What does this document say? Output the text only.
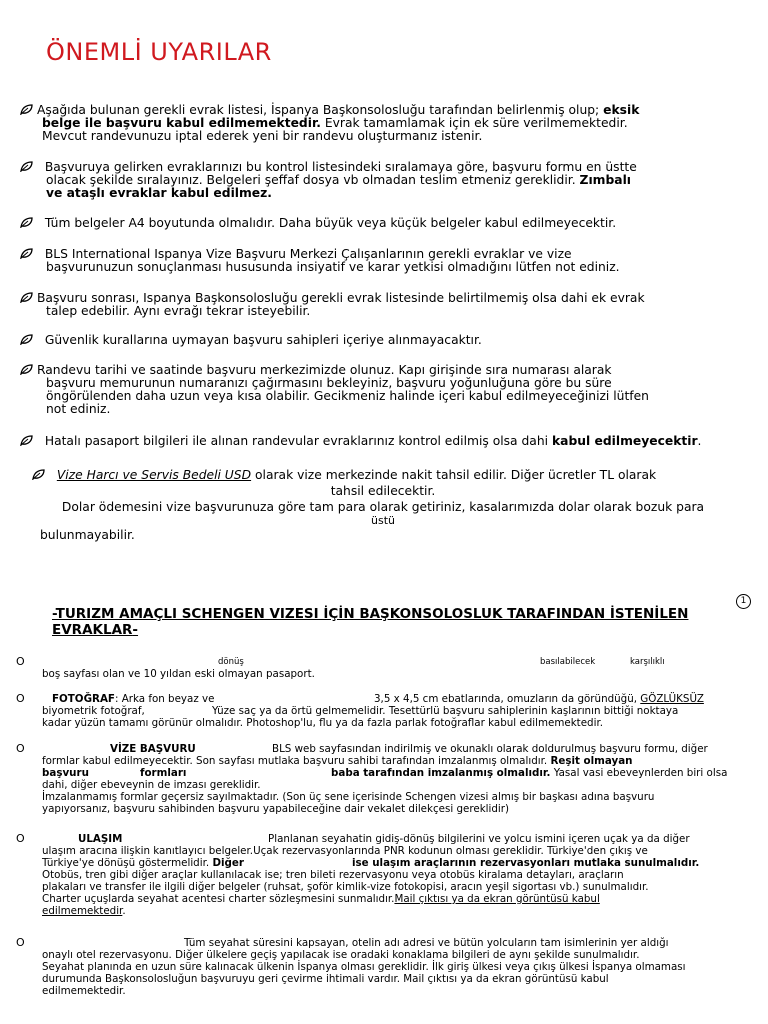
ÖNEMLİ UYARILAR
Aşağıda bulunan gerekli evrak listesi, İspanya Başkonsolosluğu tarafından belirlenmiş olup; eksik
belge ile başvuru kabul edilmemektedir. Evrak tamamlamak için ek süre verilmemektedir.
Mevcut randevunuzu iptal ederek yeni bir randevu oluşturmanız istenir.
Başvuruya gelirken evraklarınızı bu kontrol listesindeki sıralamaya göre, başvuru formu en üstte
olacak şekilde sıralayınız. Belgeleri şeffaf dosya vb olmadan teslim etmeniz gereklidir. Zımbalı
ve ataşlı evraklar kabul edilmez.
Tüm belgeler A4 boyutunda olmalıdır. Daha büyük veya küçük belgeler kabul edilmeyecektir.
BLS International Ispanya Vize Başvuru Merkezi Çalışanlarının gerekli evraklar ve vize
başvurunuzun sonuçlanması hususunda insiyatif ve karar yetkisi olmadığını lütfen not ediniz.
Başvuru sonrası, Ispanya Başkonsolosluğu gerekli evrak listesinde belirtilmemiş olsa dahi ek evrak
talep edebilir. Aynı evrağı tekrar isteyebilir.
Güvenlik kurallarına uymayan başvuru sahipleri içeriye alınmayacaktır.
Randevu tarihi ve saatinde başvuru merkezimizde olunuz. Kapı girişinde sıra numarası alarak
başvuru memurunun numaranızı çağırmasını bekleyiniz, başvuru yoğunluğuna göre bu süre
öngörülenden daha uzun veya kısa olabilir. Gecikmeniz halinde içeri kabul edilmeyeceğinizi lütfen
not ediniz.
Hatalı pasaport bilgileri ile alınan randevular evraklarınız kontrol edilmiş olsa dahi kabul edilmeyecektir.
Vize Harcı ve Servis Bedeli USD olarak vize merkezinde nakit tahsil edilir. Diğer ücretler TL olarak
tahsil edilecektir.
Dolar ödemesini vize başvurunuza göre tam para olarak getiriniz, kasalarımızda dolar olarak bozuk para
üstü
bulunmayabilir.
1
-TURIZM AMAÇLI SCHENGEN VIZESI İÇİN BAŞKONSOLOSLUK TARAFINDAN İSTENİLEN
EVRAKLAR-
O	dönüş	basılabilecek	karşılıklı
boş sayfası olan ve 10 yıldan eski olmayan pasaport.
O	FOTOĞRAF: Arka fon beyaz ve	3,5 x 4,5 cm ebatlarında, omuzların da göründüğü, GÖZLÜKSÜZ
biyometrik fotoğraf,	Yüze saç ya da örtü gelmemelidir. Tesettürlü başvuru sahiplerinin kaşlarının bittiği noktaya
kadar yüzün tamamı görünür olmalıdır. Photoshop'lu, flu ya da fazla parlak fotoğraflar kabul edilmemektedir.
O	VİZE BAŞVURU	BLS web sayfasından indirilmiş ve okunaklı olarak doldurulmuş başvuru formu, diğer
formlar kabul edilmeyecektir. Son sayfası mutlaka başvuru sahibi tarafından imzalanmış olmalıdır. Reşit olmayan
başvuru	formları	baba tarafından imzalanmış olmalıdır. Yasal vasi ebeveynlerden biri olsa
dahi, diğer ebeveynin de imzası gereklidir.
İmzalanmamış formlar geçersiz sayılmaktadır. (Son üç sene içerisinde Schengen vizesi almış bir başkası adına başvuru
yapıyorsanız, başvuru sahibinden başvuru yapabileceğine dair vekalet dilekçesi gereklidir)
O	ULAŞIM	Planlanan seyahatin gidiş-dönüş bilgilerini ve yolcu ismini içeren uçak ya da diğer
ulaşım aracına ilişkin kanıtlayıcı belgeler.Uçak rezervasyonlarında PNR kodunun olması gereklidir. Türkiye'den çıkış ve
Türkiye'ye dönüşü göstermelidir. Diğer	ise ulaşım araçlarının rezervasyonları mutlaka sunulmalıdır.
Otobüs, tren gibi diğer araçlar kullanılacak ise; tren bileti rezervasyonu veya otobüs kiralama detayları, araçların
plakaları ve transfer ile ilgili diğer belgeler (ruhsat, şoför kimlik-vize fotokopisi, aracın yeşil sigortası vb.) sunulmalıdır.
Charter uçuşlarda seyahat acentesi charter sözleşmesini sunmalıdır.Mail çıktısı ya da ekran görüntüsü kabul
edilmemektedir.
O	Tüm seyahat süresini kapsayan, otelin adı adresi ve bütün yolcuların tam isimlerinin yer aldığı
onaylı otel rezervasyonu. Diğer ülkelere geçiş yapılacak ise oradaki konaklama bilgileri de aynı şekilde sunulmalıdır.
Seyahat planında en uzun süre kalınacak ülkenin İspanya olması gereklidir. İlk giriş ülkesi veya çıkış ülkesi İspanya olmaması
durumunda Başkonsolosluğun başvuruyu geri çevirme ihtimali vardır. Mail çıktısı ya da ekran görüntüsü kabul
edilmemektedir.
